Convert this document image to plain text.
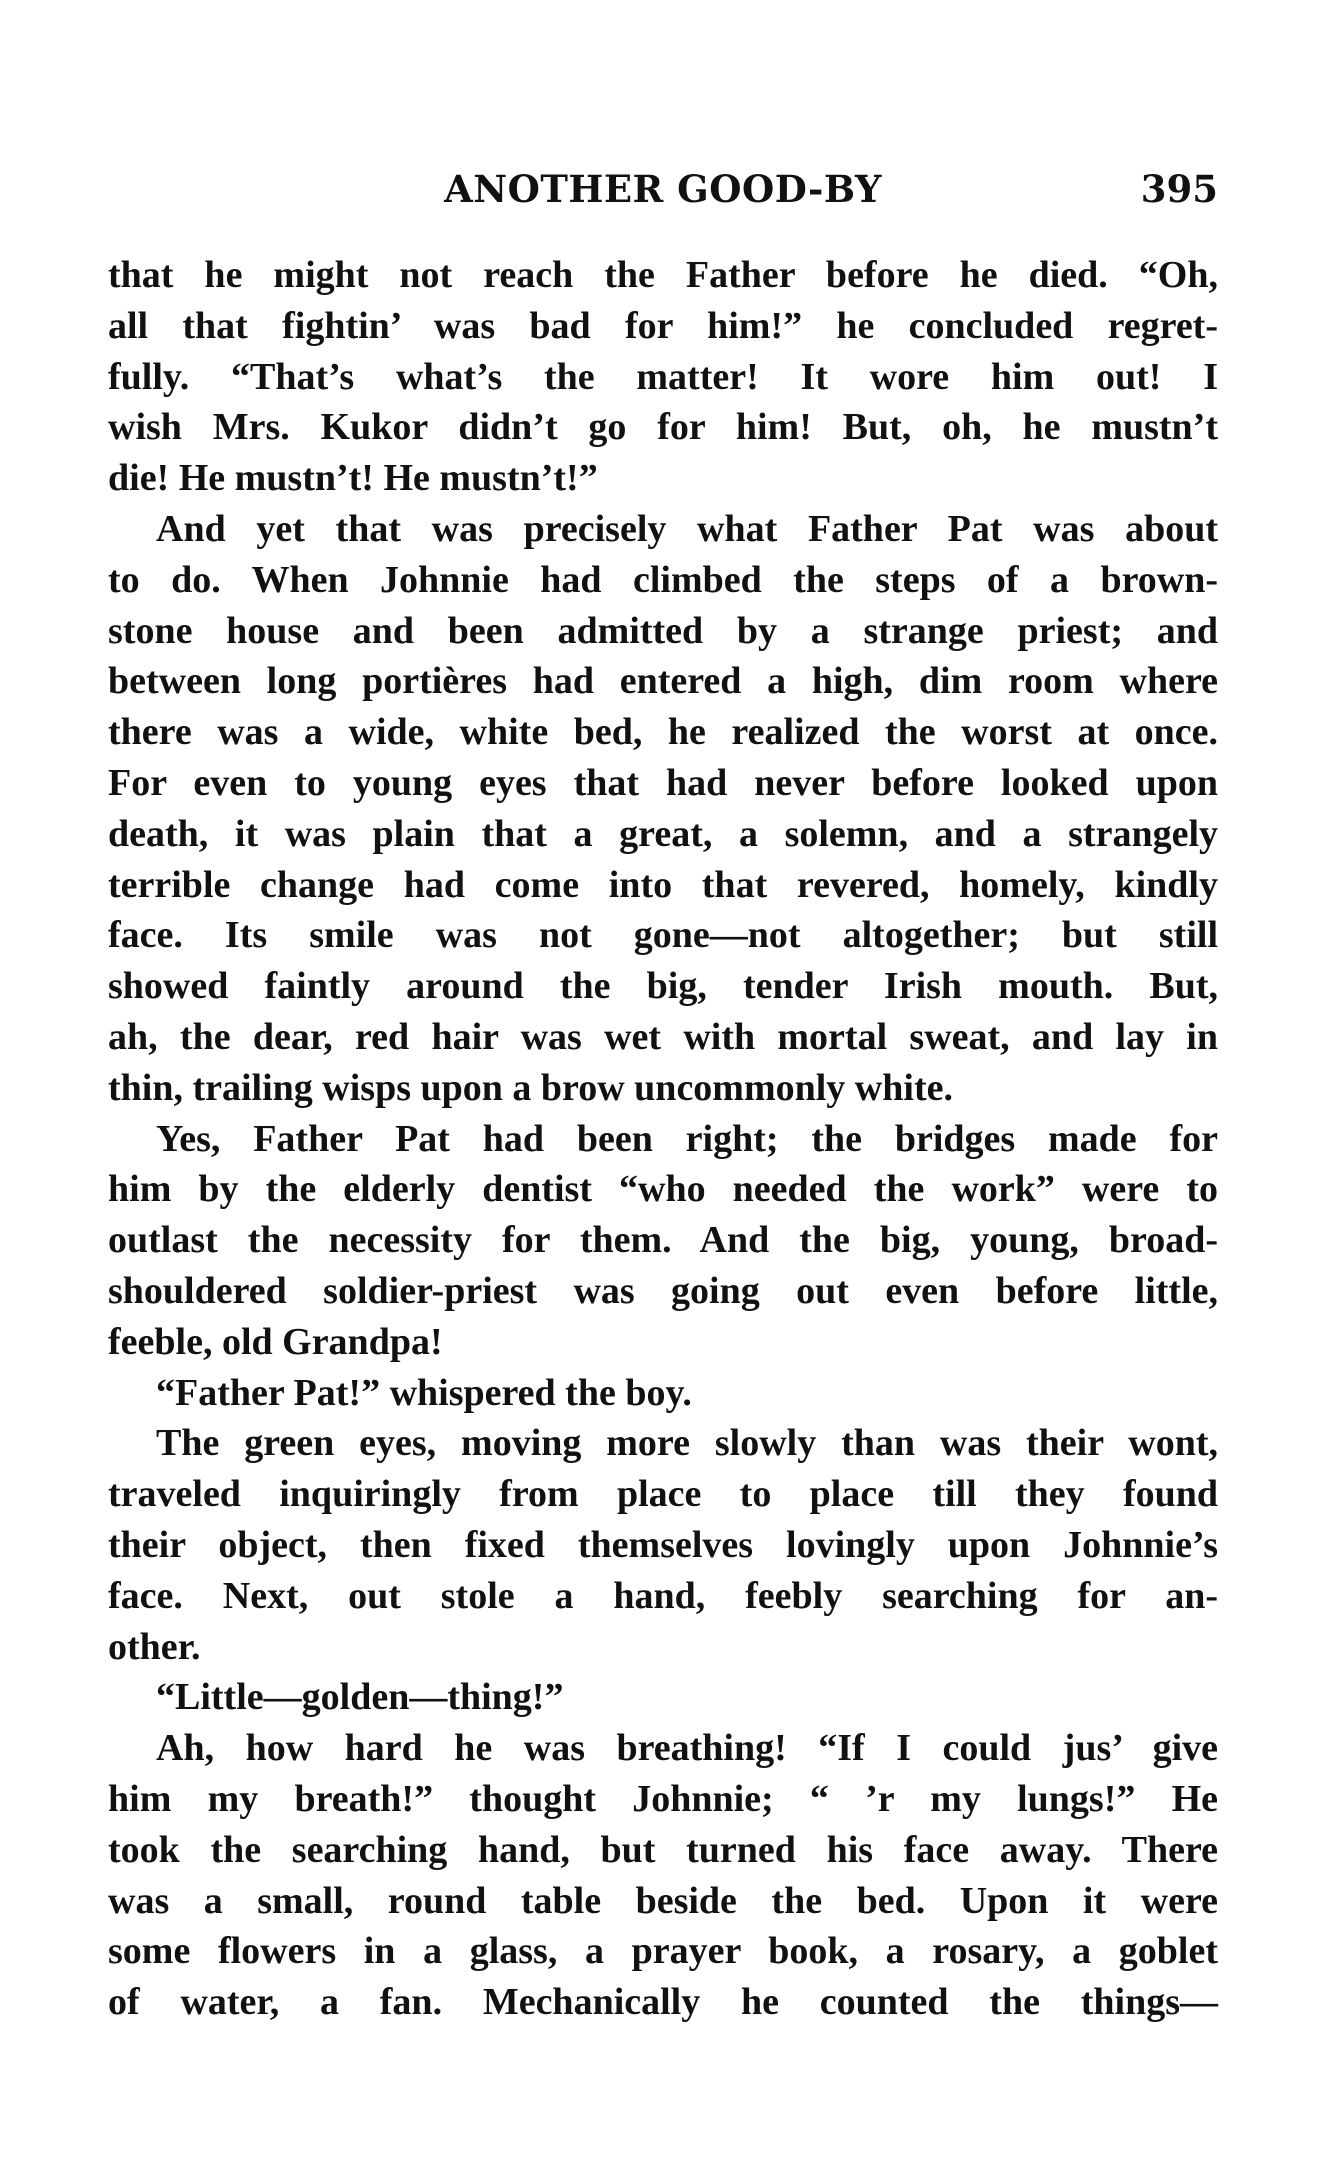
ANOTHER GOOD-BY	395
that he might not reach the Father before he died. “Oh,
all that fightin’ was bad for him!” he concluded regret-
fully. “That’s what’s the matter! It wore him out! I
wish Mrs. Kukor didn’t go for him! But, oh, he mustn’t
die! He mustn’t! He mustn’t!”
And yet that was precisely what Father Pat was about
to do. When Johnnie had climbed the steps of a brown-
stone house and been admitted by a strange priest; and
between long portières had entered a high, dim room where
there was a wide, white bed, he realized the worst at once.
For even to young eyes that had never before looked upon
death, it was plain that a great, a solemn, and a strangely
terrible change had come into that revered, homely, kindly
face. Its smile was not gone—not altogether; but still
showed faintly around the big, tender Irish mouth. But,
ah, the dear, red hair was wet with mortal sweat, and lay in
thin, trailing wisps upon a brow uncommonly white.
Yes, Father Pat had been right; the bridges made for
him by the elderly dentist “who needed the work” were to
outlast the necessity for them. And the big, young, broad-
shouldered soldier-priest was going out even before little,
feeble, old Grandpa!
“Father Pat!” whispered the boy.
The green eyes, moving more slowly than was their wont,
traveled inquiringly from place to place till they found
their object, then fixed themselves lovingly upon Johnnie’s
face. Next, out stole a hand, feebly searching for an-
other.
“Little—golden—thing!”
Ah, how hard he was breathing! “If I could jus’ give
him my breath!” thought Johnnie; “ ’r my lungs!” He
took the searching hand, but turned his face away. There
was a small, round table beside the bed. Upon it were
some flowers in a glass, a prayer book, a rosary, a goblet
of water, a fan. Mechanically he counted the things—
